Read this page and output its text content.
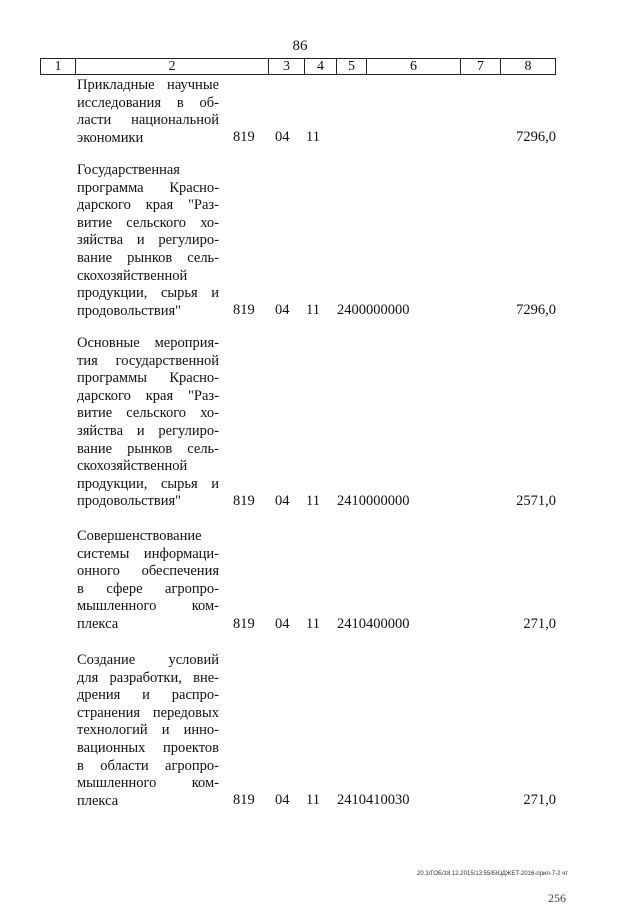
86
1	2	3	4	5	6	7	8
Прикладные научные
исследования в об-
ласти национальной
экономики	819 04 11	7296,0
Государственная
программа Красно-
дарского края "Раз-
витие сельского хо-
зяйства и регулиро-
вание рынков сель-
скохозяйственной
продукции, сырья и
продовольствия"	819 04 11 2400000000	7296,0
Основные мероприя-
тия государственной
программы Красно-
дарского края "Раз-
витие сельского хо-
зяйства и регулиро-
вание рынков сель-
скохозяйственной
продукции, сырья и
продовольствия"	819 04 11 2410000000	2571,0
Совершенствование
системы информаци-
онного обеспечения
в сфере агропро-
мышленного ком-
плекса	819 04 11 2410400000	271,0
Создание условий
для разработки, вне-
дрения и распро-
странения передовых
технологий и инно-
вационных проектов
в области агропро-
мышленного ком-
плекса	819 04 11 2410410030	271,0
20.3/ГОБ/18.12.2015/13:55/БЮДЖЕТ-2016-прил-7-2 чт
256
